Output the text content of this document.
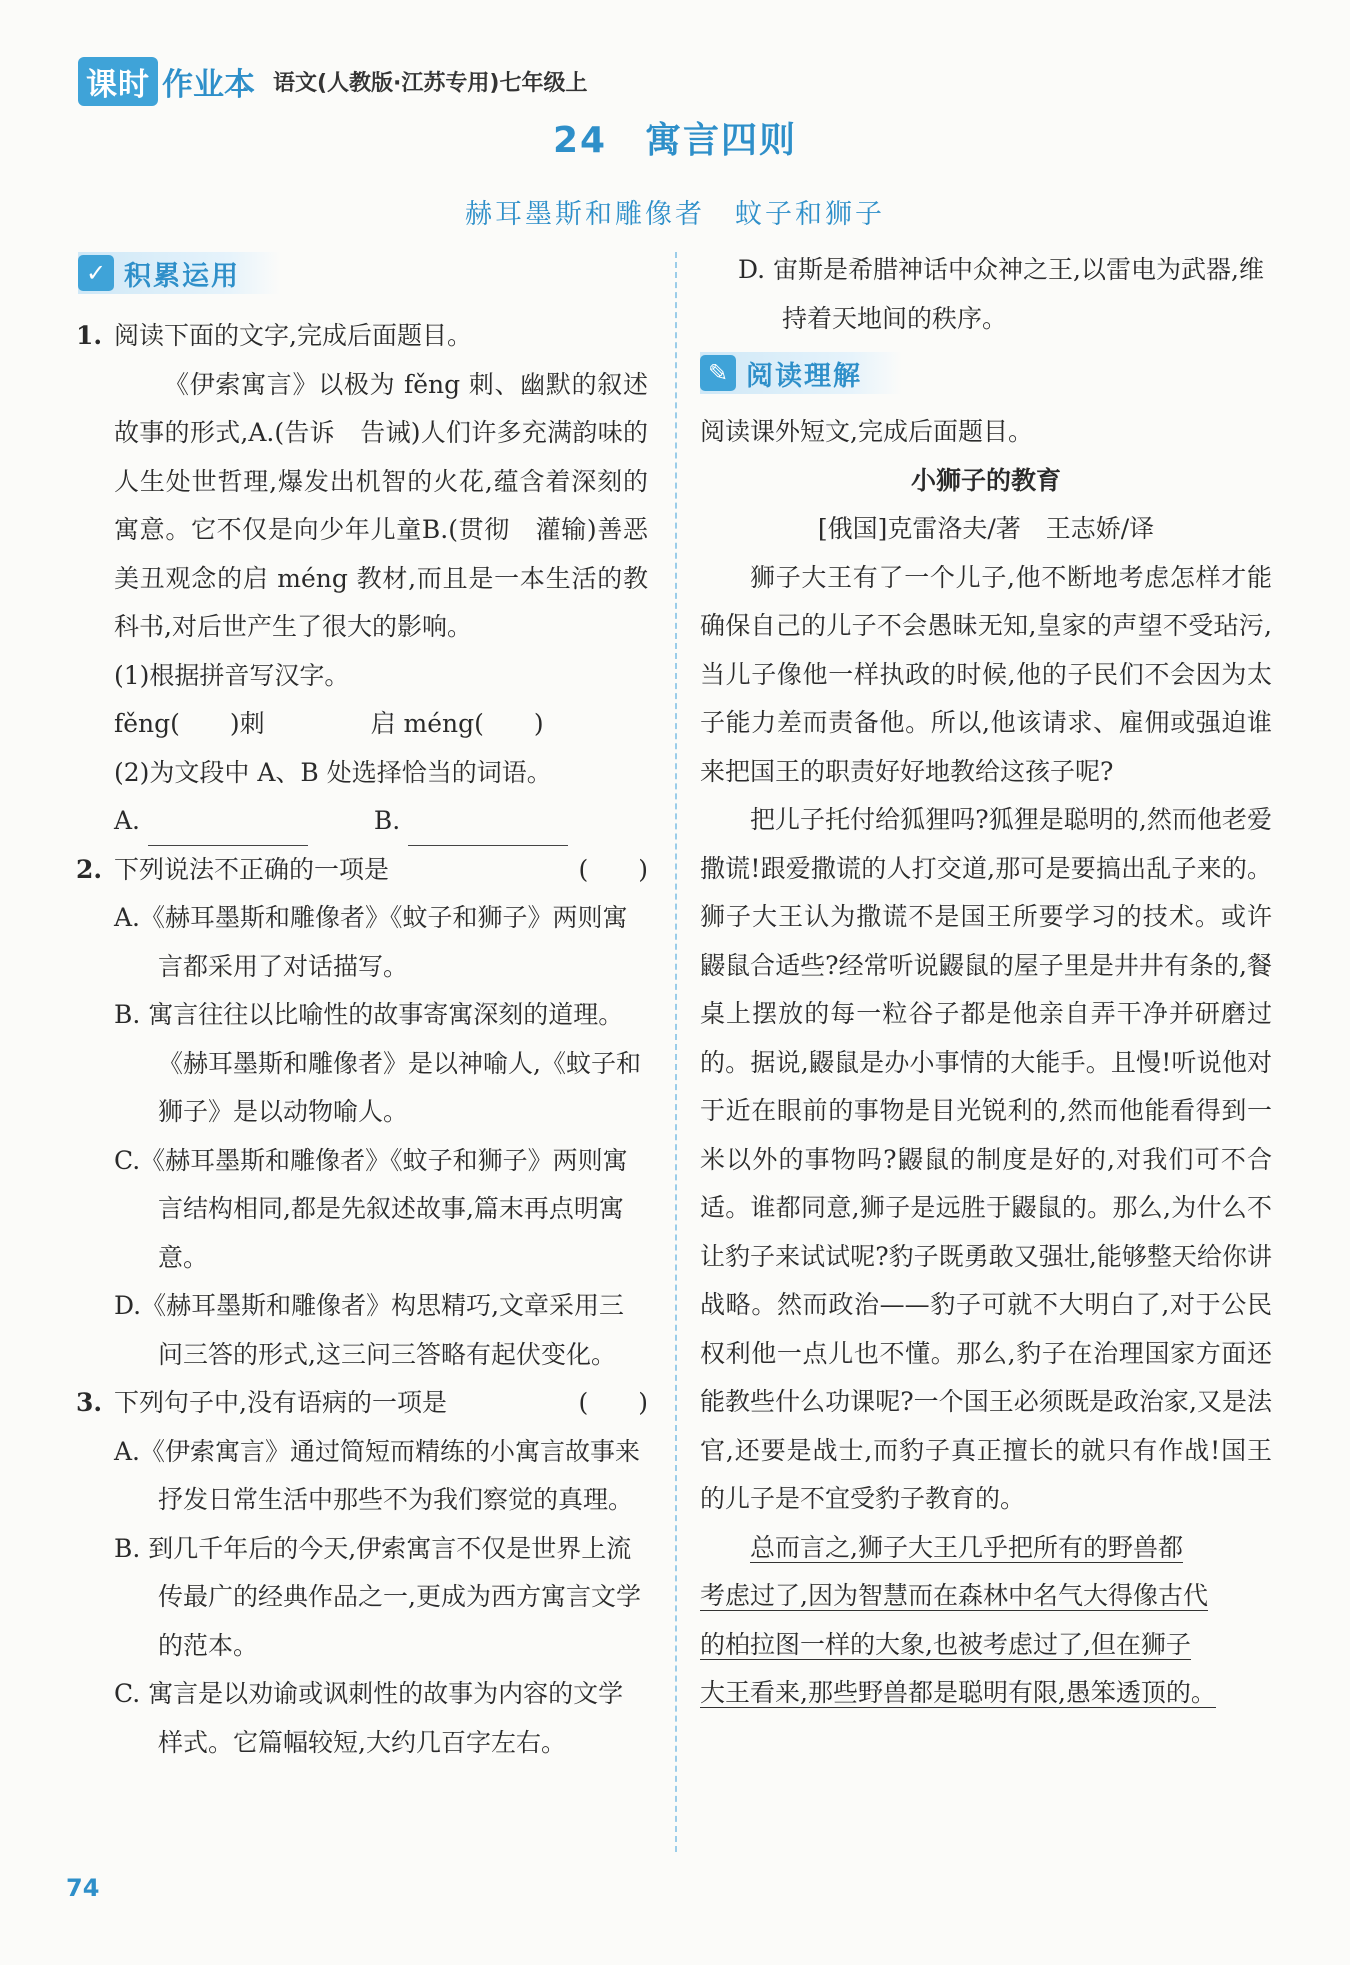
课时 作业本 语文(人教版·江苏专用)七年级上
24　寓言四则
赫耳墨斯和雕像者　蚊子和狮子
✓ 积累运用

1. 阅读下面的文字,完成后面题目。

《伊索寓言》以极为 fěng 刺、幽默的叙述故事的形式,A.(告诉　告诫)人们许多充满韵味的人生处世哲理,爆发出机智的火花,蕴含着深刻的寓意。它不仅是向少年儿童B.(贯彻　灌输)善恶美丑观念的启 méng 教材,而且是一本生活的教科书,对后世产生了很大的影响。

(1)根据拼音写汉字。

fěng(　　)刺	启 méng(　　)

(2)为文段中 A、B 处选择恰当的词语。

A.	B.

2. 下列说法不正确的一项是	(　　)

A.《赫耳墨斯和雕像者》《蚊子和狮子》两则寓言都采用了对话描写。

B. 寓言往往以比喻性的故事寄寓深刻的道理。《赫耳墨斯和雕像者》是以神喻人,《蚊子和狮子》是以动物喻人。

C.《赫耳墨斯和雕像者》《蚊子和狮子》两则寓言结构相同,都是先叙述故事,篇末再点明寓意。

D.《赫耳墨斯和雕像者》构思精巧,文章采用三问三答的形式,这三问三答略有起伏变化。

3. 下列句子中,没有语病的一项是	(　　)

A.《伊索寓言》通过简短而精练的小寓言故事来抒发日常生活中那些不为我们察觉的真理。

B. 到几千年后的今天,伊索寓言不仅是世界上流传最广的经典作品之一,更成为西方寓言文学的范本。

C. 寓言是以劝谕或讽刺性的故事为内容的文学样式。它篇幅较短,大约几百字左右。

D. 宙斯是希腊神话中众神之王,以雷电为武器,维持着天地间的秩序。

✎ 阅读理解

阅读课外短文,完成后面题目。

小狮子的教育

[俄国]克雷洛夫/著　王志娇/译

狮子大王有了一个儿子,他不断地考虑怎样才能确保自己的儿子不会愚昧无知,皇家的声望不受玷污,当儿子像他一样执政的时候,他的子民们不会因为太子能力差而责备他。所以,他该请求、雇佣或强迫谁来把国王的职责好好地教给这孩子呢?

把儿子托付给狐狸吗?狐狸是聪明的,然而他老爱撒谎!跟爱撒谎的人打交道,那可是要搞出乱子来的。狮子大王认为撒谎不是国王所要学习的技术。或许鼹鼠合适些?经常听说鼹鼠的屋子里是井井有条的,餐桌上摆放的每一粒谷子都是他亲自弄干净并研磨过的。据说,鼹鼠是办小事情的大能手。且慢!听说他对于近在眼前的事物是目光锐利的,然而他能看得到一米以外的事物吗?鼹鼠的制度是好的,对我们可不合适。谁都同意,狮子是远胜于鼹鼠的。那么,为什么不让豹子来试试呢?豹子既勇敢又强壮,能够整天给你讲战略。然而政治——豹子可就不大明白了,对于公民权利他一点儿也不懂。那么,豹子在治理国家方面还能教些什么功课呢?一个国王必须既是政治家,又是法官,还要是战士,而豹子真正擅长的就只有作战!国王的儿子是不宜受豹子教育的。

总而言之,狮子大王几乎把所有的野兽都

考虑过了,因为智慧而在森林中名气大得像古代

的柏拉图一样的大象,也被考虑过了,但在狮子

大王看来,那些野兽都是聪明有限,愚笨透顶的。

74
